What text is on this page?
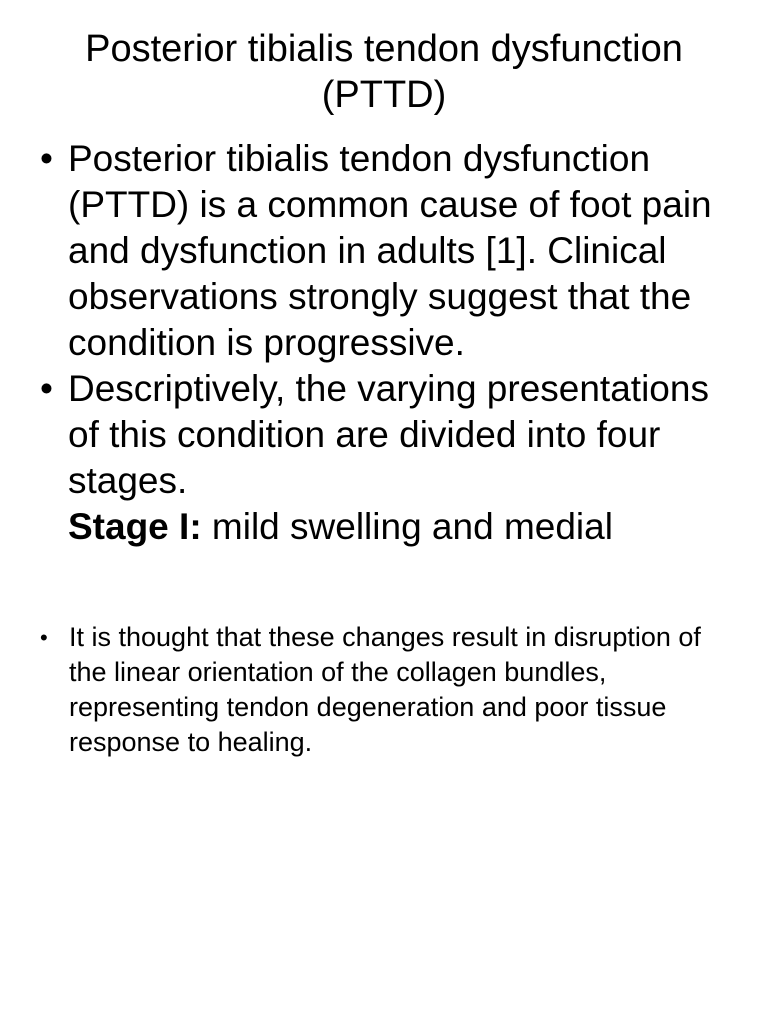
Posterior tibialis tendon dysfunction (PTTD)
• Posterior tibialis tendon dysfunction (PTTD) is a common cause of foot pain and dysfunction in adults [1]. Clinical observations strongly suggest that the condition is progressive.
• Descriptively, the varying presentations of this condition are divided into four stages.
Stage I: mild swelling and medial
• It is thought that these changes result in disruption of the linear orientation of the collagen bundles, representing tendon degeneration and poor tissue response to healing.
